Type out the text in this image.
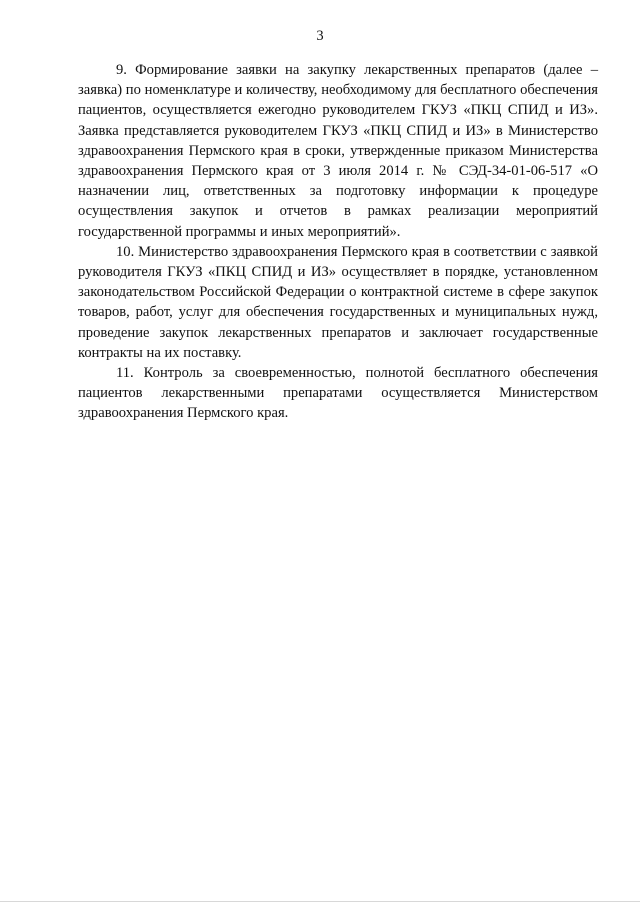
3

9. Формирование заявки на закупку лекарственных препаратов (далее – заявка) по номенклатуре и количеству, необходимому для бесплатного обеспечения пациентов, осуществляется ежегодно руководителем ГКУЗ «ПКЦ СПИД и ИЗ». Заявка представляется руководителем ГКУЗ «ПКЦ СПИД и ИЗ» в Министерство здравоохранения Пермского края в сроки, утвержденные приказом Министерства здравоохранения Пермского края от 3 июля 2014 г. № СЭД-34-01-06-517 «О назначении лиц, ответственных за подготовку информации к процедуре осуществления закупок и отчетов в рамках реализации мероприятий государственной программы и иных мероприятий».

10. Министерство здравоохранения Пермского края в соответствии с заявкой руководителя ГКУЗ «ПКЦ СПИД и ИЗ» осуществляет в порядке, установленном законодательством Российской Федерации о контрактной системе в сфере закупок товаров, работ, услуг для обеспечения государственных и муниципальных нужд, проведение закупок лекарственных препаратов и заключает государственные контракты на их поставку.

11. Контроль за своевременностью, полнотой бесплатного обеспечения пациентов лекарственными препаратами осуществляется Министерством здравоохранения Пермского края.
